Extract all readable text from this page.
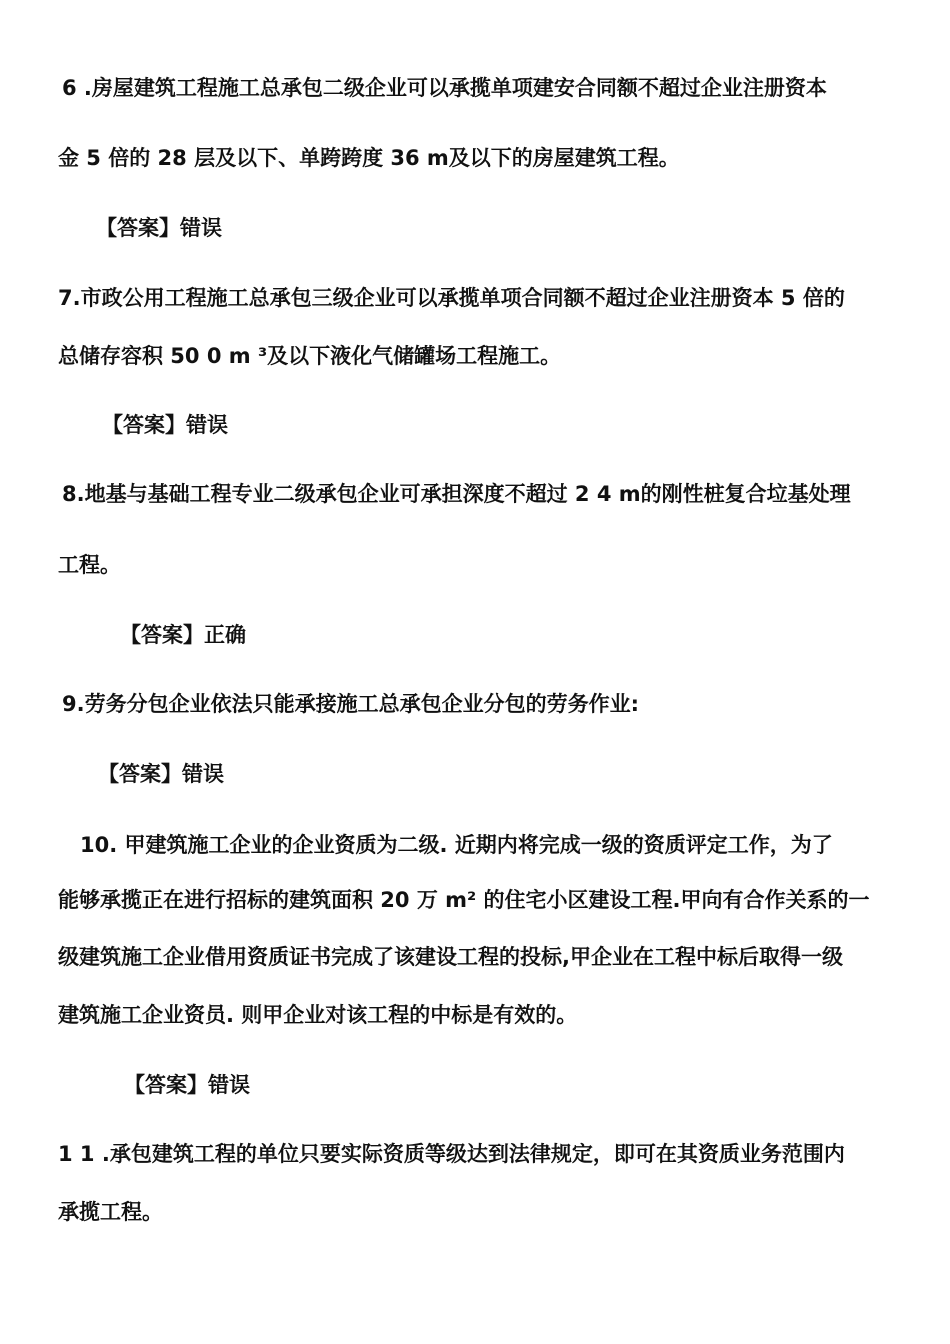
6 .房屋建筑工程施工总承包二级企业可以承揽单项建安合同额不超过企业注册资本
金 5 倍的 28 层及以下、单跨跨度 36 m及以下的房屋建筑工程。
【答案】错误
7.市政公用工程施工总承包三级企业可以承揽单项合同额不超过企业注册资本 5 倍的
总储存容积 50 0 m ³及以下液化气储罐场工程施工。
【答案】错误
8.地基与基础工程专业二级承包企业可承担深度不超过 2 4 m的刚性桩复合垃基处理
工程。
【答案】正确
9.劳务分包企业依法只能承接施工总承包企业分包的劳务作业:
【答案】错误
10. 甲建筑施工企业的企业资质为二级. 近期内将完成一级的资质评定工作，为了
能够承揽正在进行招标的建筑面积 20 万 m² 的住宅小区建设工程.甲向有合作关系的一
级建筑施工企业借用资质证书完成了该建设工程的投标,甲企业在工程中标后取得一级
建筑施工企业资员. 则甲企业对该工程的中标是有效的。
【答案】错误
1 1 .承包建筑工程的单位只要实际资质等级达到法律规定，即可在其资质业务范围内
承揽工程。
